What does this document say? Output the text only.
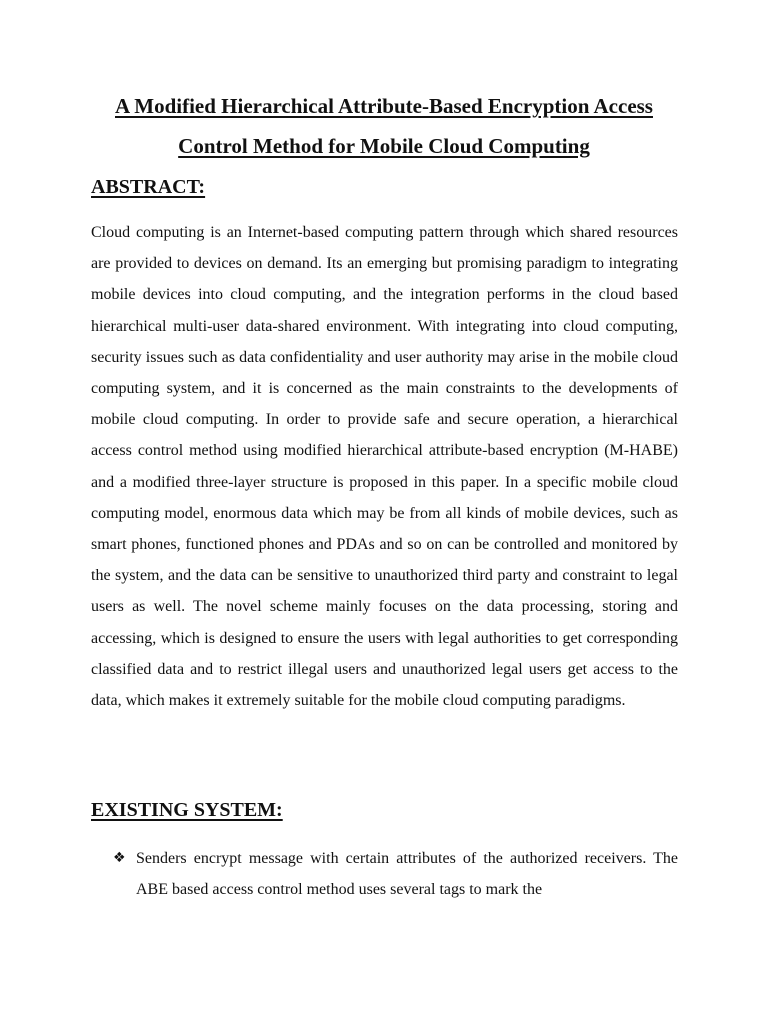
A Modified Hierarchical Attribute-Based Encryption Access
Control Method for Mobile Cloud Computing
ABSTRACT:

Cloud computing is an Internet-based computing pattern through which shared resources are provided to devices on demand. Its an emerging but promising paradigm to integrating mobile devices into cloud computing, and the integration performs in the cloud based hierarchical multi-user data-shared environment. With integrating into cloud computing, security issues such as data confidentiality and user authority may arise in the mobile cloud computing system, and it is concerned as the main constraints to the developments of mobile cloud computing. In order to provide safe and secure operation, a hierarchical access control method using modified hierarchical attribute-based encryption (M-HABE) and a modified three-layer structure is proposed in this paper. In a specific mobile cloud computing model, enormous data which may be from all kinds of mobile devices, such as smart phones, functioned phones and PDAs and so on can be controlled and monitored by the system, and the data can be sensitive to unauthorized third party and constraint to legal users as well. The novel scheme mainly focuses on the data processing, storing and accessing, which is designed to ensure the users with legal authorities to get corresponding classified data and to restrict illegal users and unauthorized legal users get access to the data, which makes it extremely suitable for the mobile cloud computing paradigms.

EXISTING SYSTEM:
❖ Senders encrypt message with certain attributes of the authorized receivers. The ABE based access control method uses several tags to mark the
